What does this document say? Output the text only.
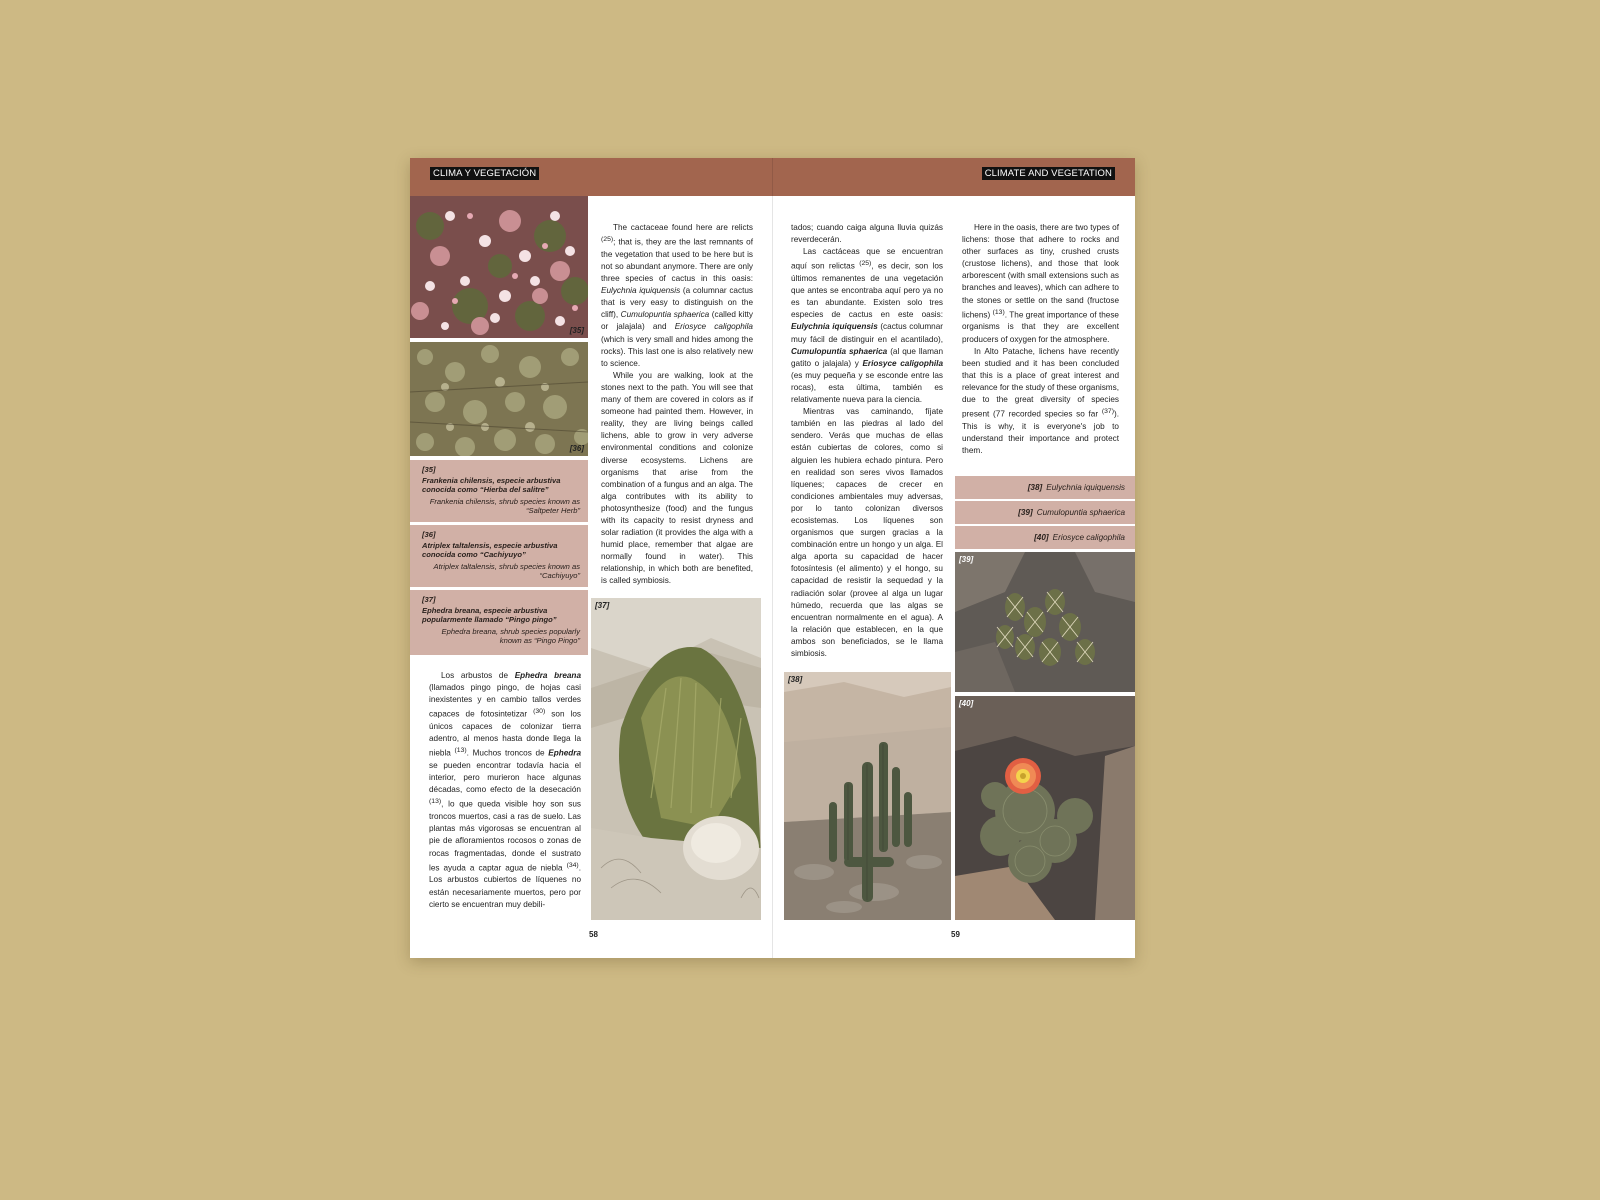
CLIMA Y VEGETACIÓN	CLIMATE AND VEGETATION
[35]
[36]
[35]
Frankenia chilensis, especie arbustiva conocida como “Hierba del salitre”
Frankenia chilensis, shrub species known as “Saltpeter Herb”
[36]
Atriplex taltalensis, especie arbustiva conocida como “Cachiyuyo”
Atriplex taltalensis, shrub species known as “Cachiyuyo”
[37]
Ephedra breana, especie arbustiva popularmente llamado “Pingo pingo”
Ephedra breana, shrub species popularly known as “Pingo Pingo”

Los arbustos de Ephedra breana (llamados pingo pingo, de hojas casi inexistentes y en cambio tallos verdes capaces de fotosintetizar $^{(30)}$ son los únicos capaces de colonizar tierra adentro, al menos hasta donde llega la niebla $^{(13)}$. Muchos troncos de Ephedra se pueden encontrar todavía hacia el interior, pero murieron hace algunas décadas, como efecto de la desecación $^{(13)}$, lo que queda visible hoy son sus troncos muertos, casi a ras de suelo. Las plantas más vigorosas se encuentran al pie de afloramientos rocosos o zonas de rocas fragmentadas, donde el sustrato les ayuda a captar agua de niebla $^{(34)}$. Los arbustos cubiertos de líquenes no están necesariamente muertos, pero por cierto se encuentran muy debili-

The cactaceae found here are relicts $^{(25)}$; that is, they are the last remnants of the vegetation that used to be here but is not so abundant anymore. There are only three species of cactus in this oasis: Eulychnia iquiquensis (a columnar cactus that is very easy to distinguish on the cliff), Cumulopuntia sphaerica (called kitty or jalajala) and Eriosyce caligophila (which is very small and hides among the rocks). This last one is also relatively new to science.

While you are walking, look at the stones next to the path. You will see that many of them are covered in colors as if someone had painted them. However, in reality, they are living beings called lichens, able to grow in very adverse environmental conditions and colonize diverse ecosystems. Lichens are organisms that arise from the combination of a fungus and an alga. The alga contributes with its ability to photosynthesize (food) and the fungus with its capacity to resist dryness and solar radiation (it provides the alga with a humid place, remember that algae are normally found in water). This relationship, in which both are benefited, is called symbiosis.

[37]
58
tados; cuando caiga alguna lluvia quizás reverdecerán.

Las cactáceas que se encuentran aquí son relictas $^{(25)}$, es decir, son los últimos remanentes de una vegetación que antes se encontraba aquí pero ya no es tan abundante. Existen solo tres especies de cactus en este oasis: Eulychnia iquiquensis (cactus columnar muy fácil de distinguir en el acantilado), Cumulopuntia sphaerica (al que llaman gatito o jalajala) y Eriosyce caligophila (es muy pequeña y se esconde entre las rocas), esta última, también es relativamente nueva para la ciencia.

Mientras vas caminando, fíjate también en las piedras al lado del sendero. Verás que muchas de ellas están cubiertas de colores, como si alguien les hubiera echado pintura. Pero en realidad son seres vivos llamados líquenes; capaces de crecer en condiciones ambientales muy adversas, por lo tanto colonizan diversos ecosistemas. Los líquenes son organismos que surgen gracias a la combinación entre un hongo y un alga. El alga aporta su capacidad de hacer fotosíntesis (el alimento) y el hongo, su capacidad de resistir la sequedad y la radiación solar (provee al alga un lugar húmedo, recuerda que las algas se encuentran normalmente en el agua). A la relación que establecen, en la que ambos son beneficiados, se le llama simbiosis.

Here in the oasis, there are two types of lichens: those that adhere to rocks and other surfaces as tiny, crushed crusts (crustose lichens), and those that look arborescent (with small extensions such as branches and leaves), which can adhere to the stones or settle on the sand (fructose lichens) $^{(13)}$. The great importance of these organisms is that they are excellent producers of oxygen for the atmosphere.

In Alto Patache, lichens have recently been studied and it has been concluded that this is a place of great interest and relevance for the study of these organisms, due to the great diversity of species present (77 recorded species so far $^{(37)}$). This is why, it is everyone's job to understand their importance and protect them.

[38] Eulychnia iquiquensis
[39] Cumulopuntia sphaerica
[40] Eriosyce caligophila
[39]
[38]
[40]
59
